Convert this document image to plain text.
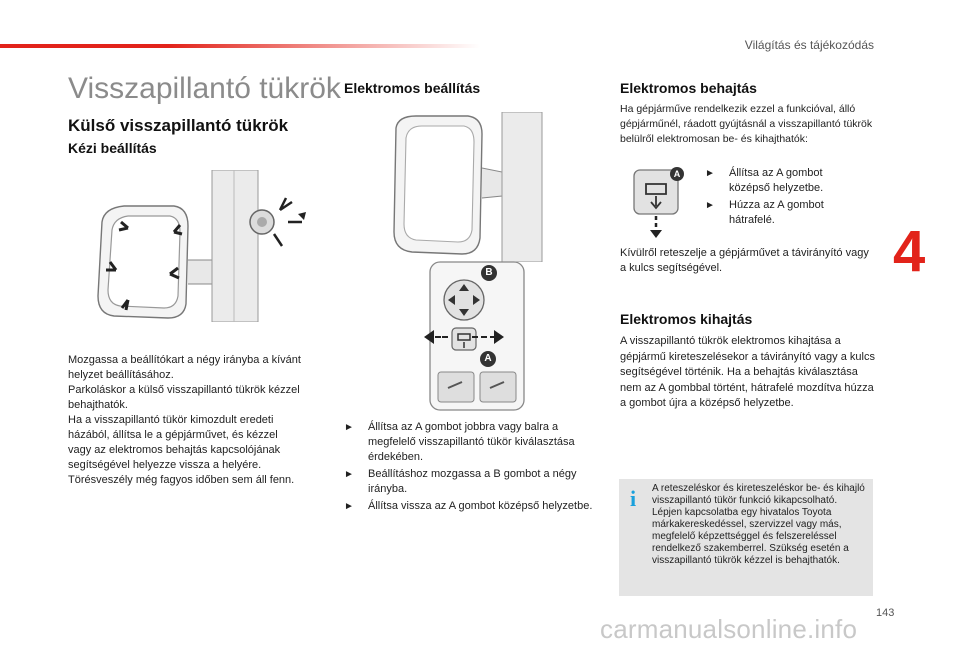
Világítás és tájékozódás
4
143
carmanualsonline.info
Visszapillantó tükrök
Külső visszapillantó tükrök
Kézi beállítás

Mozgassa a beállítókart a négy irányba a kívánt

helyzet beállításához.

Parkoláskor a külső visszapillantó tükrök kézzel

behajthatók.

Ha a visszapillantó tükör kimozdult eredeti

házából, állítsa le a gépjárművet, és kézzel

vagy az elektromos behajtás kapcsolójának

segítségével helyezze vissza a helyére.

Törésveszély még fagyos időben sem áll fenn.

Elektromos beállítás
B
A
► Állítsa az A gombot jobbra vagy balra a megfelelő visszapillantó tükör kiválasztása érdekében.
► Beállításhoz mozgassa a B gombot a négy irányba.
► Állítsa vissza az A gombot középső helyzetbe.
Elektromos behajtás

Ha gépjárműve rendelkezik ezzel a funkcióval, álló gépjárműnél, ráadott gyújtásnál a visszapillantó tükrök belülről elektromosan be- és kihajthatók:

A	► Állítsa az A gombot középső helyzetbe.
► Húzza az A gombot hátrafelé.

Kívülről reteszelje a gépjárművet a távirányító vagy a kulcs segítségével.

Elektromos kihajtás

A visszapillantó tükrök elektromos kihajtása a gépjármű kireteszelésekor a távirányító vagy a kulcs segítségével történik. Ha a behajtás kiválasztása nem az A gombbal történt, hátrafelé mozdítva húzza a gombot újra a középső helyzetbe.

i A reteszeléskor és kireteszeléskor be- és kihajló visszapillantó tükör funkció kikapcsolható. Lépjen kapcsolatba egy hivatalos Toyota márkakereskedéssel, szervizzel vagy más, megfelelő képzettséggel és felszereléssel rendelkező szakemberrel. Szükség esetén a visszapillantó tükrök kézzel is behajthatók.
